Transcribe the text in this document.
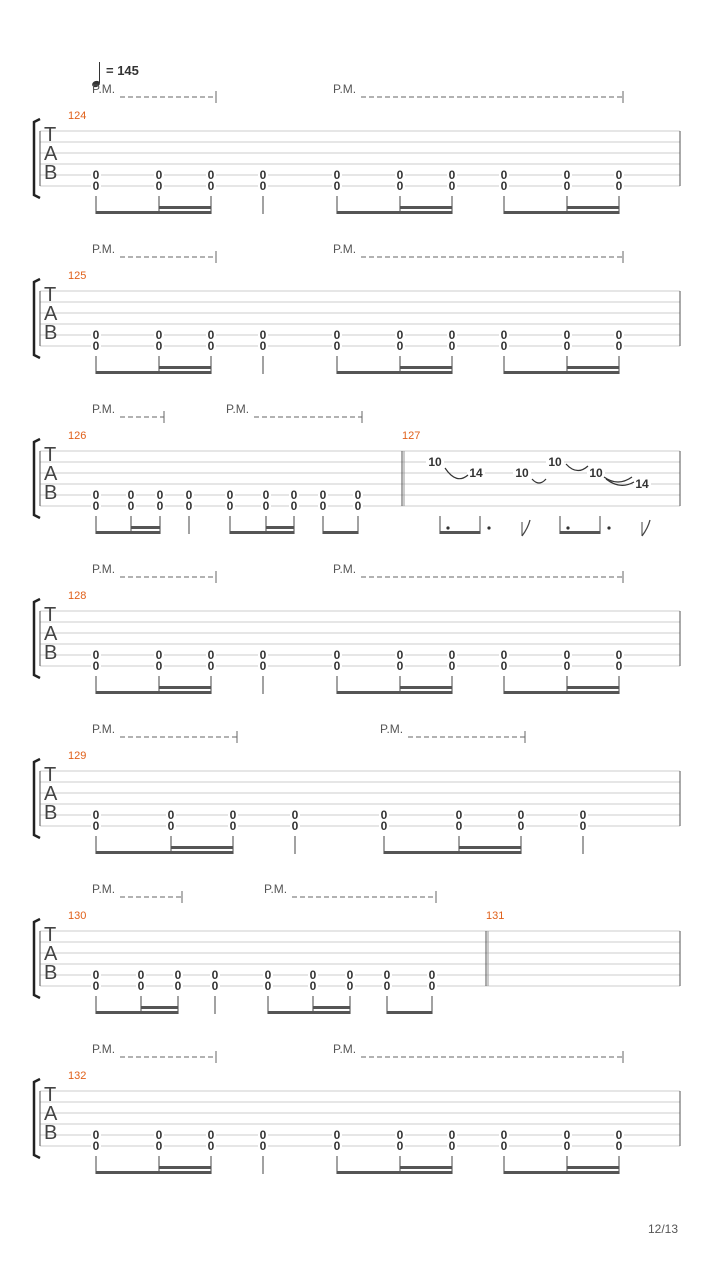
= 145
P.M.	P.M.
T
A
B
124
0
0
0
0
0
0
0
0
0
0
0
0
0
0
0
0
0
0
0
0
P.M.	P.M.
T
A
B
125
0
0
0
0
0
0
0
0
0
0
0
0
0
0
0
0
0
0
0
0
P.M.	P.M.
T
A
B
126	127
0
0
0
0
0
0
0
0
0
0
0
0
0
0
0
0
0
0
10
14	10
10
10
14
P.M.	P.M.
T
A
B
128
0
0
0
0
0
0
0
0
0
0
0
0
0
0
0
0
0
0
0
0
P.M.	P.M.
T
A
B
129
0
0
0
0
0
0
0
0
0
0
0
0
0
0
0
0
P.M.	P.M.
T
A
B
130	131
0
0
0
0
0
0
0
0
0
0
0
0
0
0
0
0
0
0
P.M.	P.M.
T
A
B
132
0
0
0
0
0
0
0
0
0
0
0
0
0
0
0
0
0
0
0
0
12/13
